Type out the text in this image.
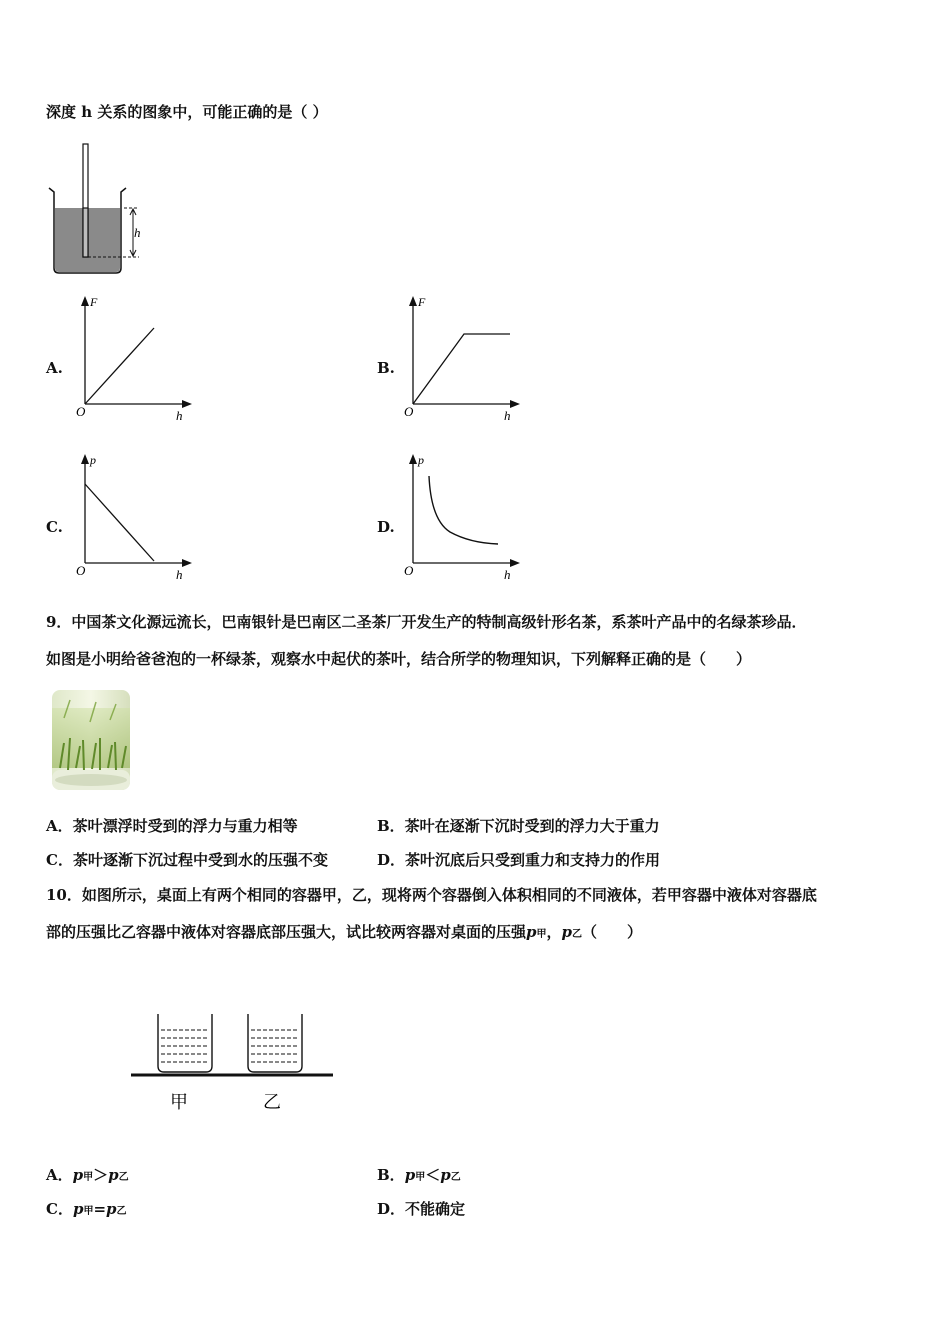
深度 h 关系的图象中，可能正确的是（ ）
h
A.
F
O	h
B.
F
O	h
C.
p
O	h
D.
p
O	h
9．中国茶文化源远流长，巴南银针是巴南区二圣茶厂开发生产的特制高级针形名茶，系茶叶产品中的名绿茶珍品．
如图是小明给爸爸泡的一杯绿茶，观察水中起伏的茶叶，结合所学的物理知识，下列解释正确的是（　　）
A．茶叶漂浮时受到的浮力与重力相等	B．茶叶在逐渐下沉时受到的浮力大于重力
C．茶叶逐渐下沉过程中受到水的压强不变	D．茶叶沉底后只受到重力和支持力的作用
10．如图所示，桌面上有两个相同的容器甲，乙，现将两个容器倒入体积相同的不同液体，若甲容器中液体对容器底
部的压强比乙容器中液体对容器底部压强大，试比较两容器对桌面的压强p甲，p乙（　　）
甲	乙
A．p甲＞p乙	B．p甲＜p乙
C．p甲=p乙	D．不能确定
